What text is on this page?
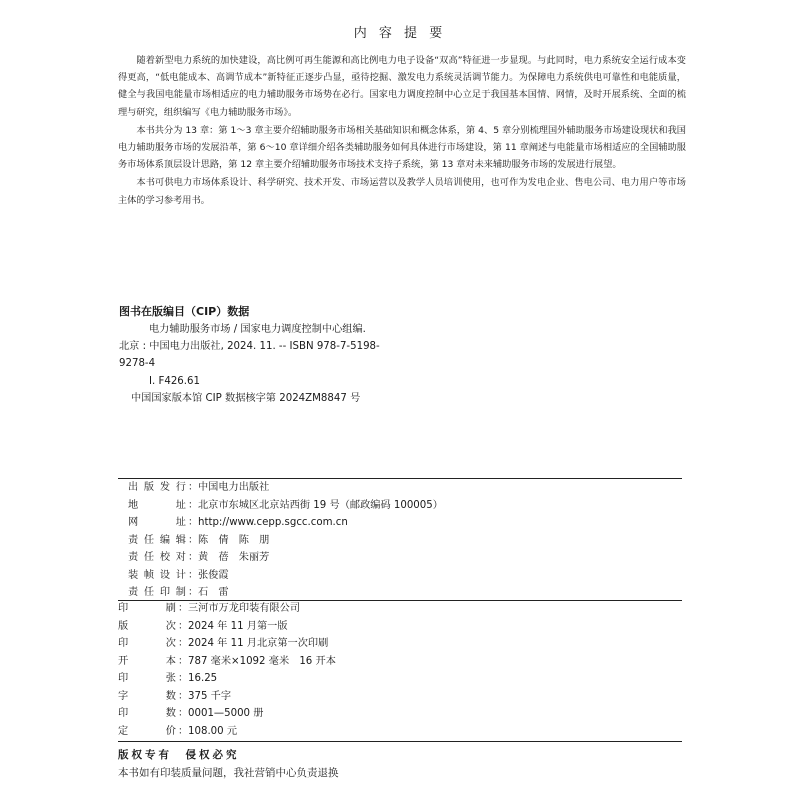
内 容 提 要

随着新型电力系统的加快建设，高比例可再生能源和高比例电力电子设备“双高”特征进一步显现。与此同时，电力系统安全运行成本变得更高，“低电能成本、高调节成本”新特征正逐步凸显，亟待挖掘、激发电力系统灵活调节能力。为保障电力系统供电可靠性和电能质量，健全与我国电能量市场相适应的电力辅助服务市场势在必行。国家电力调度控制中心立足于我国基本国情、网情，及时开展系统、全面的梳理与研究，组织编写《电力辅助服务市场》。

本书共分为 13 章：第 1～3 章主要介绍辅助服务市场相关基础知识和概念体系，第 4、5 章分别梳理国外辅助服务市场建设现状和我国电力辅助服务市场的发展沿革，第 6～10 章详细介绍各类辅助服务如何具体进行市场建设，第 11 章阐述与电能量市场相适应的全国辅助服务市场体系顶层设计思路，第 12 章主要介绍辅助服务市场技术支持子系统，第 13 章对未来辅助服务市场的发展进行展望。

本书可供电力市场体系设计、科学研究、技术开发、市场运营以及教学人员培训使用，也可作为发电企业、售电公司、电力用户等市场主体的学习参考用书。

图书在版编目（CIP）数据
电力辅助服务市场 / 国家电力调度控制中心组编.
北京 : 中国电力出版社, 2024. 11. -- ISBN 978-7-5198-
9278-4
Ⅰ. F426.61
中国国家版本馆 CIP 数据核字第 2024ZM8847 号
出版发行 ： 中国电力出版社
地　　址 ： 北京市东城区北京站西街 19 号（邮政编码 100005）
网　　址 ： http://www.cepp.sgcc.com.cn
责任编辑 ： 陈　倩　陈　朋
责任校对 ： 黄　蓓　朱丽芳
装帧设计 ： 张俊霞
责任印制 ： 石　雷
印　　刷 ： 三河市万龙印装有限公司
版　　次 ： 2024 年 11 月第一版
印　　次 ： 2024 年 11 月北京第一次印刷
开　　本 ： 787 毫米×1092 毫米　16 开本
印　　张 ： 16.25
字　　数 ： 375 千字
印　　数 ： 0001—5000 册
定　　价 ： 108.00 元
版权专有　侵权必究
本书如有印装质量问题，我社营销中心负责退换
